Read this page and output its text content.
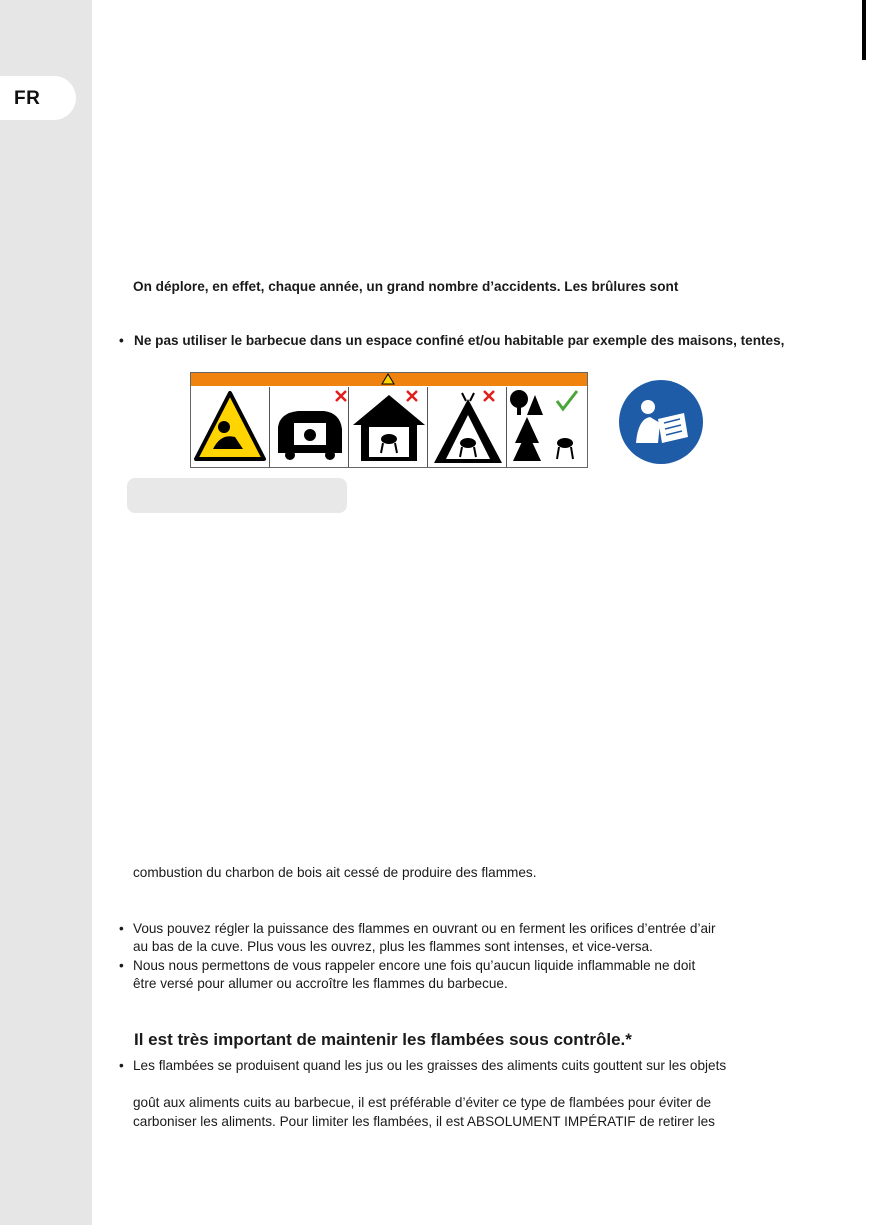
FR
On déplore, en effet, chaque année, un grand nombre d’accidents. Les brûlures sont
• Ne pas utiliser le barbecue dans un espace confiné et/ou habitable par exemple des maisons, tentes,
combustion du charbon de bois ait cessé de produire des flammes.
• Vous pouvez régler la puissance des flammes en ouvrant ou en ferment les orifices d’entrée d’air
au bas de la cuve. Plus vous les ouvrez, plus les flammes sont intenses, et vice-versa.
• Nous nous permettons de vous rappeler encore une fois qu’aucun liquide inflammable ne doit
être versé pour allumer ou accroître les flammes du barbecue.
Il est très important de maintenir les flambées sous contrôle.*
• Les flambées se produisent quand les jus ou les graisses des aliments cuits gouttent sur les objets
goût aux aliments cuits au barbecue, il est préférable d’éviter ce type de flambées pour éviter de
carboniser les aliments. Pour limiter les flambées, il est ABSOLUMENT IMPÉRATIF de retirer les
